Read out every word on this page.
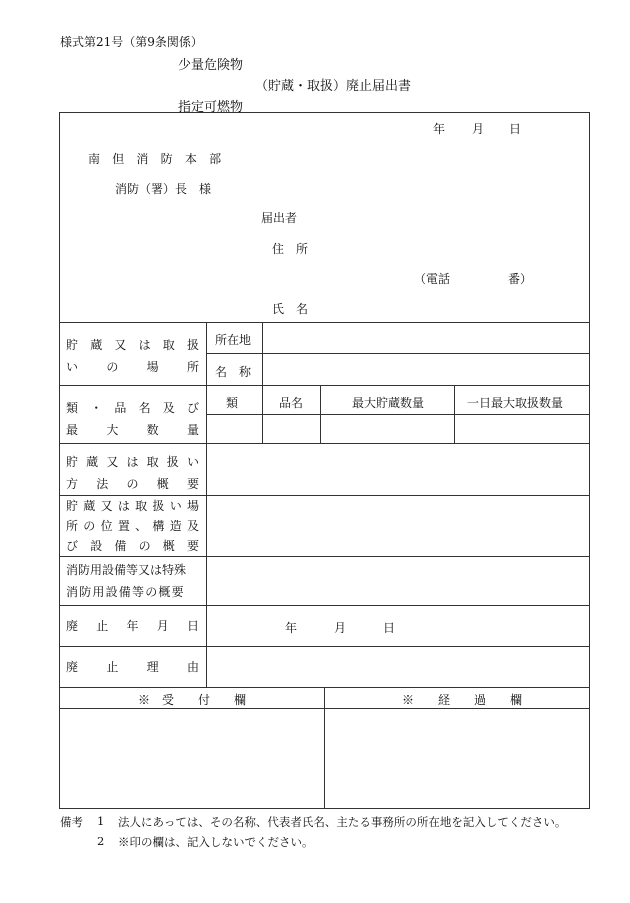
様式第21号（第9条関係）
少量危険物
（貯蔵・取扱）廃止届出書
指定可燃物
年 月 日
南 但 消 防 本 部
消防（署）長　様
届出者
住　所
（電話	番）
氏　名
貯 蔵 又 は 取 扱
い の 場 所
所在地
名　称
類 ・ 品 名 及 び
最 大 数 量
類	品名	最大貯蔵数量	一日最大取扱数量
貯 蔵 又 は 取 扱 い
方 法 の 概 要
貯 蔵 又 は 取 扱 い 場
所 の 位 置 、 構 造 及
び 設 備 の 概 要
消防用設備等又は特殊
消防用設備等の概要
廃 止 年 月 日	年	月	日
廃 止 理 由
※　受　　付　　欄	※　　経　　過　　欄
備考 1 法人にあっては、その名称、代表者氏名、主たる事務所の所在地を記入してください。
2 ※印の欄は、記入しないでください。
